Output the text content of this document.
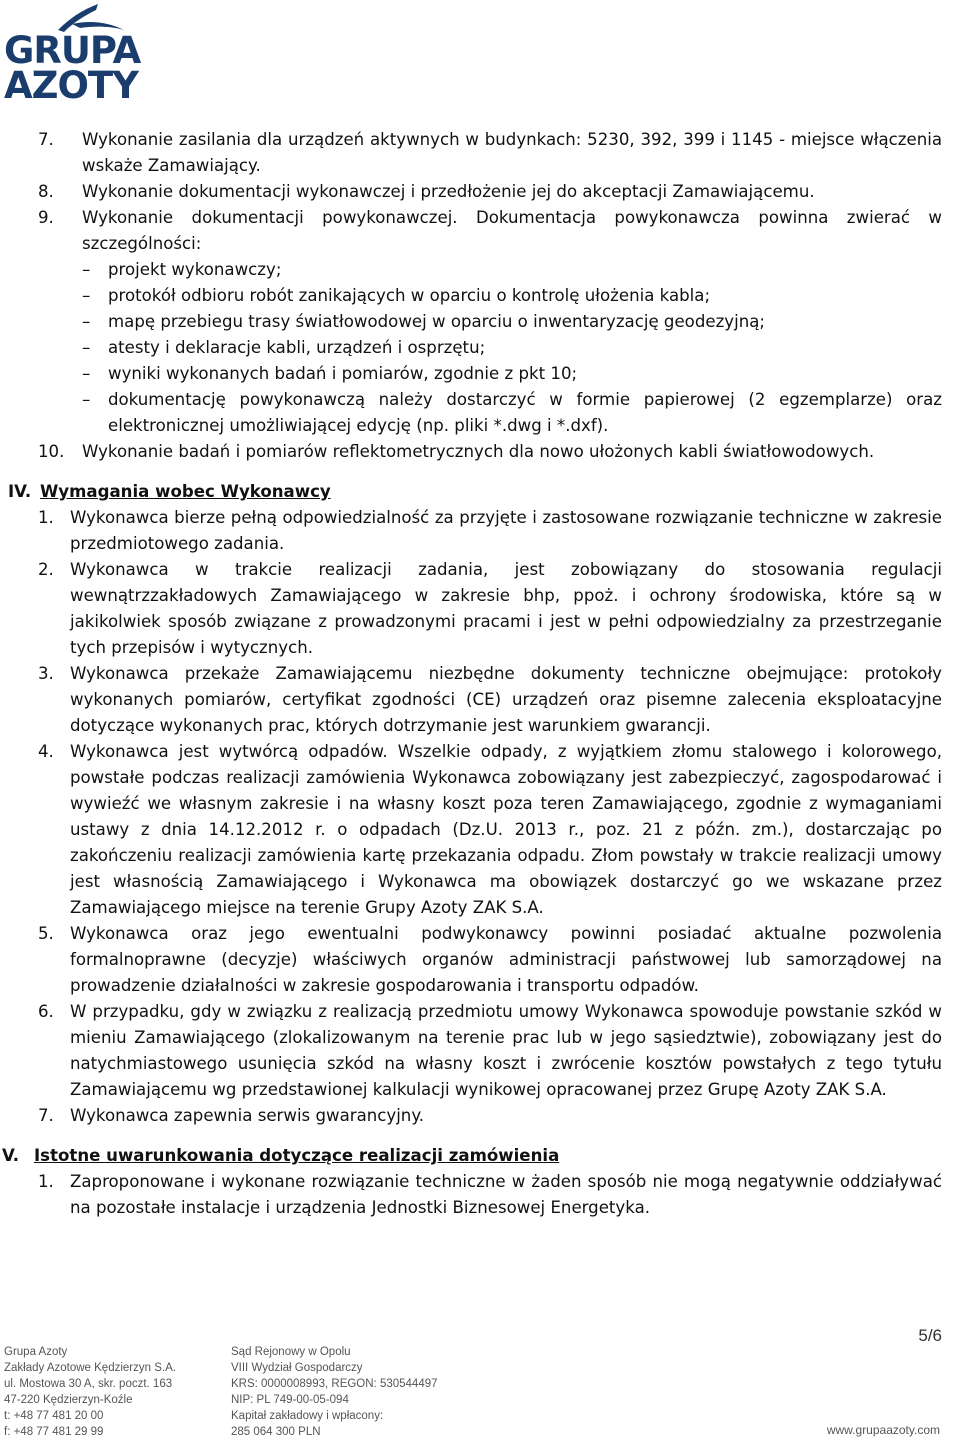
GRUPA
AZOTY
7. Wykonanie zasilania dla urządzeń aktywnych w budynkach: 5230, 392, 399 i 1145 - miejsce włączenia wskaże Zamawiający.
8. Wykonanie dokumentacji wykonawczej i przedłożenie jej do akceptacji Zamawiającemu.
9. Wykonanie dokumentacji powykonawczej. Dokumentacja powykonawcza powinna zwierać w szczególności:
– projekt wykonawczy;
– protokół odbioru robót zanikających w oparciu o kontrolę ułożenia kabla;
– mapę przebiegu trasy światłowodowej w oparciu o inwentaryzację geodezyjną;
– atesty i deklaracje kabli, urządzeń i osprzętu;
– wyniki wykonanych badań i pomiarów, zgodnie z pkt 10;
– dokumentację powykonawczą należy dostarczyć w formie papierowej (2 egzemplarze) oraz elektronicznej umożliwiającej edycję (np. pliki *.dwg i *.dxf).
10. Wykonanie badań i pomiarów reflektometrycznych dla nowo ułożonych kabli światłowodowych.
IV. Wymagania wobec Wykonawcy
1. Wykonawca bierze pełną odpowiedzialność za przyjęte i zastosowane rozwiązanie techniczne w zakresie przedmiotowego zadania.
2. Wykonawca w trakcie realizacji zadania, jest zobowiązany do stosowania regulacji wewnątrzzakładowych Zamawiającego w zakresie bhp, ppoż. i ochrony środowiska, które są w jakikolwiek sposób związane z prowadzonymi pracami i jest w pełni odpowiedzialny za przestrzeganie tych przepisów i wytycznych.
3. Wykonawca przekaże Zamawiającemu niezbędne dokumenty techniczne obejmujące: protokoły wykonanych pomiarów, certyfikat zgodności (CE) urządzeń oraz pisemne zalecenia eksploatacyjne dotyczące wykonanych prac, których dotrzymanie jest warunkiem gwarancji.
4. Wykonawca jest wytwórcą odpadów. Wszelkie odpady, z wyjątkiem złomu stalowego i kolorowego, powstałe podczas realizacji zamówienia Wykonawca zobowiązany jest zabezpieczyć, zagospodarować i wywieźć we własnym zakresie i na własny koszt poza teren Zamawiającego, zgodnie z wymaganiami ustawy z dnia 14.12.2012 r. o odpadach (Dz.U. 2013 r., poz. 21 z późn. zm.), dostarczając po zakończeniu realizacji zamówienia kartę przekazania odpadu. Złom powstały w trakcie realizacji umowy jest własnością Zamawiającego i Wykonawca ma obowiązek dostarczyć go we wskazane przez Zamawiającego miejsce na terenie Grupy Azoty ZAK S.A.
5. Wykonawca oraz jego ewentualni podwykonawcy powinni posiadać aktualne pozwolenia formalnoprawne (decyzje) właściwych organów administracji państwowej lub samorządowej na prowadzenie działalności w zakresie gospodarowania i transportu odpadów.
6. W przypadku, gdy w związku z realizacją przedmiotu umowy Wykonawca spowoduje powstanie szkód w mieniu Zamawiającego (zlokalizowanym na terenie prac lub w jego sąsiedztwie), zobowiązany jest do natychmiastowego usunięcia szkód na własny koszt i zwrócenie kosztów powstałych z tego tytułu Zamawiającemu wg przedstawionej kalkulacji wynikowej opracowanej przez Grupę Azoty ZAK S.A.
7. Wykonawca zapewnia serwis gwarancyjny.
V. Istotne uwarunkowania dotyczące realizacji zamówienia
1. Zaproponowane i wykonane rozwiązanie techniczne w żaden sposób nie mogą negatywnie oddziaływać na pozostałe instalacje i urządzenia Jednostki Biznesowej Energetyka.
Grupa Azoty
Zakłady Azotowe Kędzierzyn S.A.
ul. Mostowa 30 A, skr. poczt. 163
47-220 Kędzierzyn-Koźle
t: +48 77 481 20 00
f: +48 77 481 29 99
Sąd Rejonowy w Opolu
VIII Wydział Gospodarczy
KRS: 0000008993, REGON: 530544497
NIP: PL 749-00-05-094
Kapitał zakładowy i wpłacony:
285 064 300 PLN
5/6
www.grupaazoty.com
